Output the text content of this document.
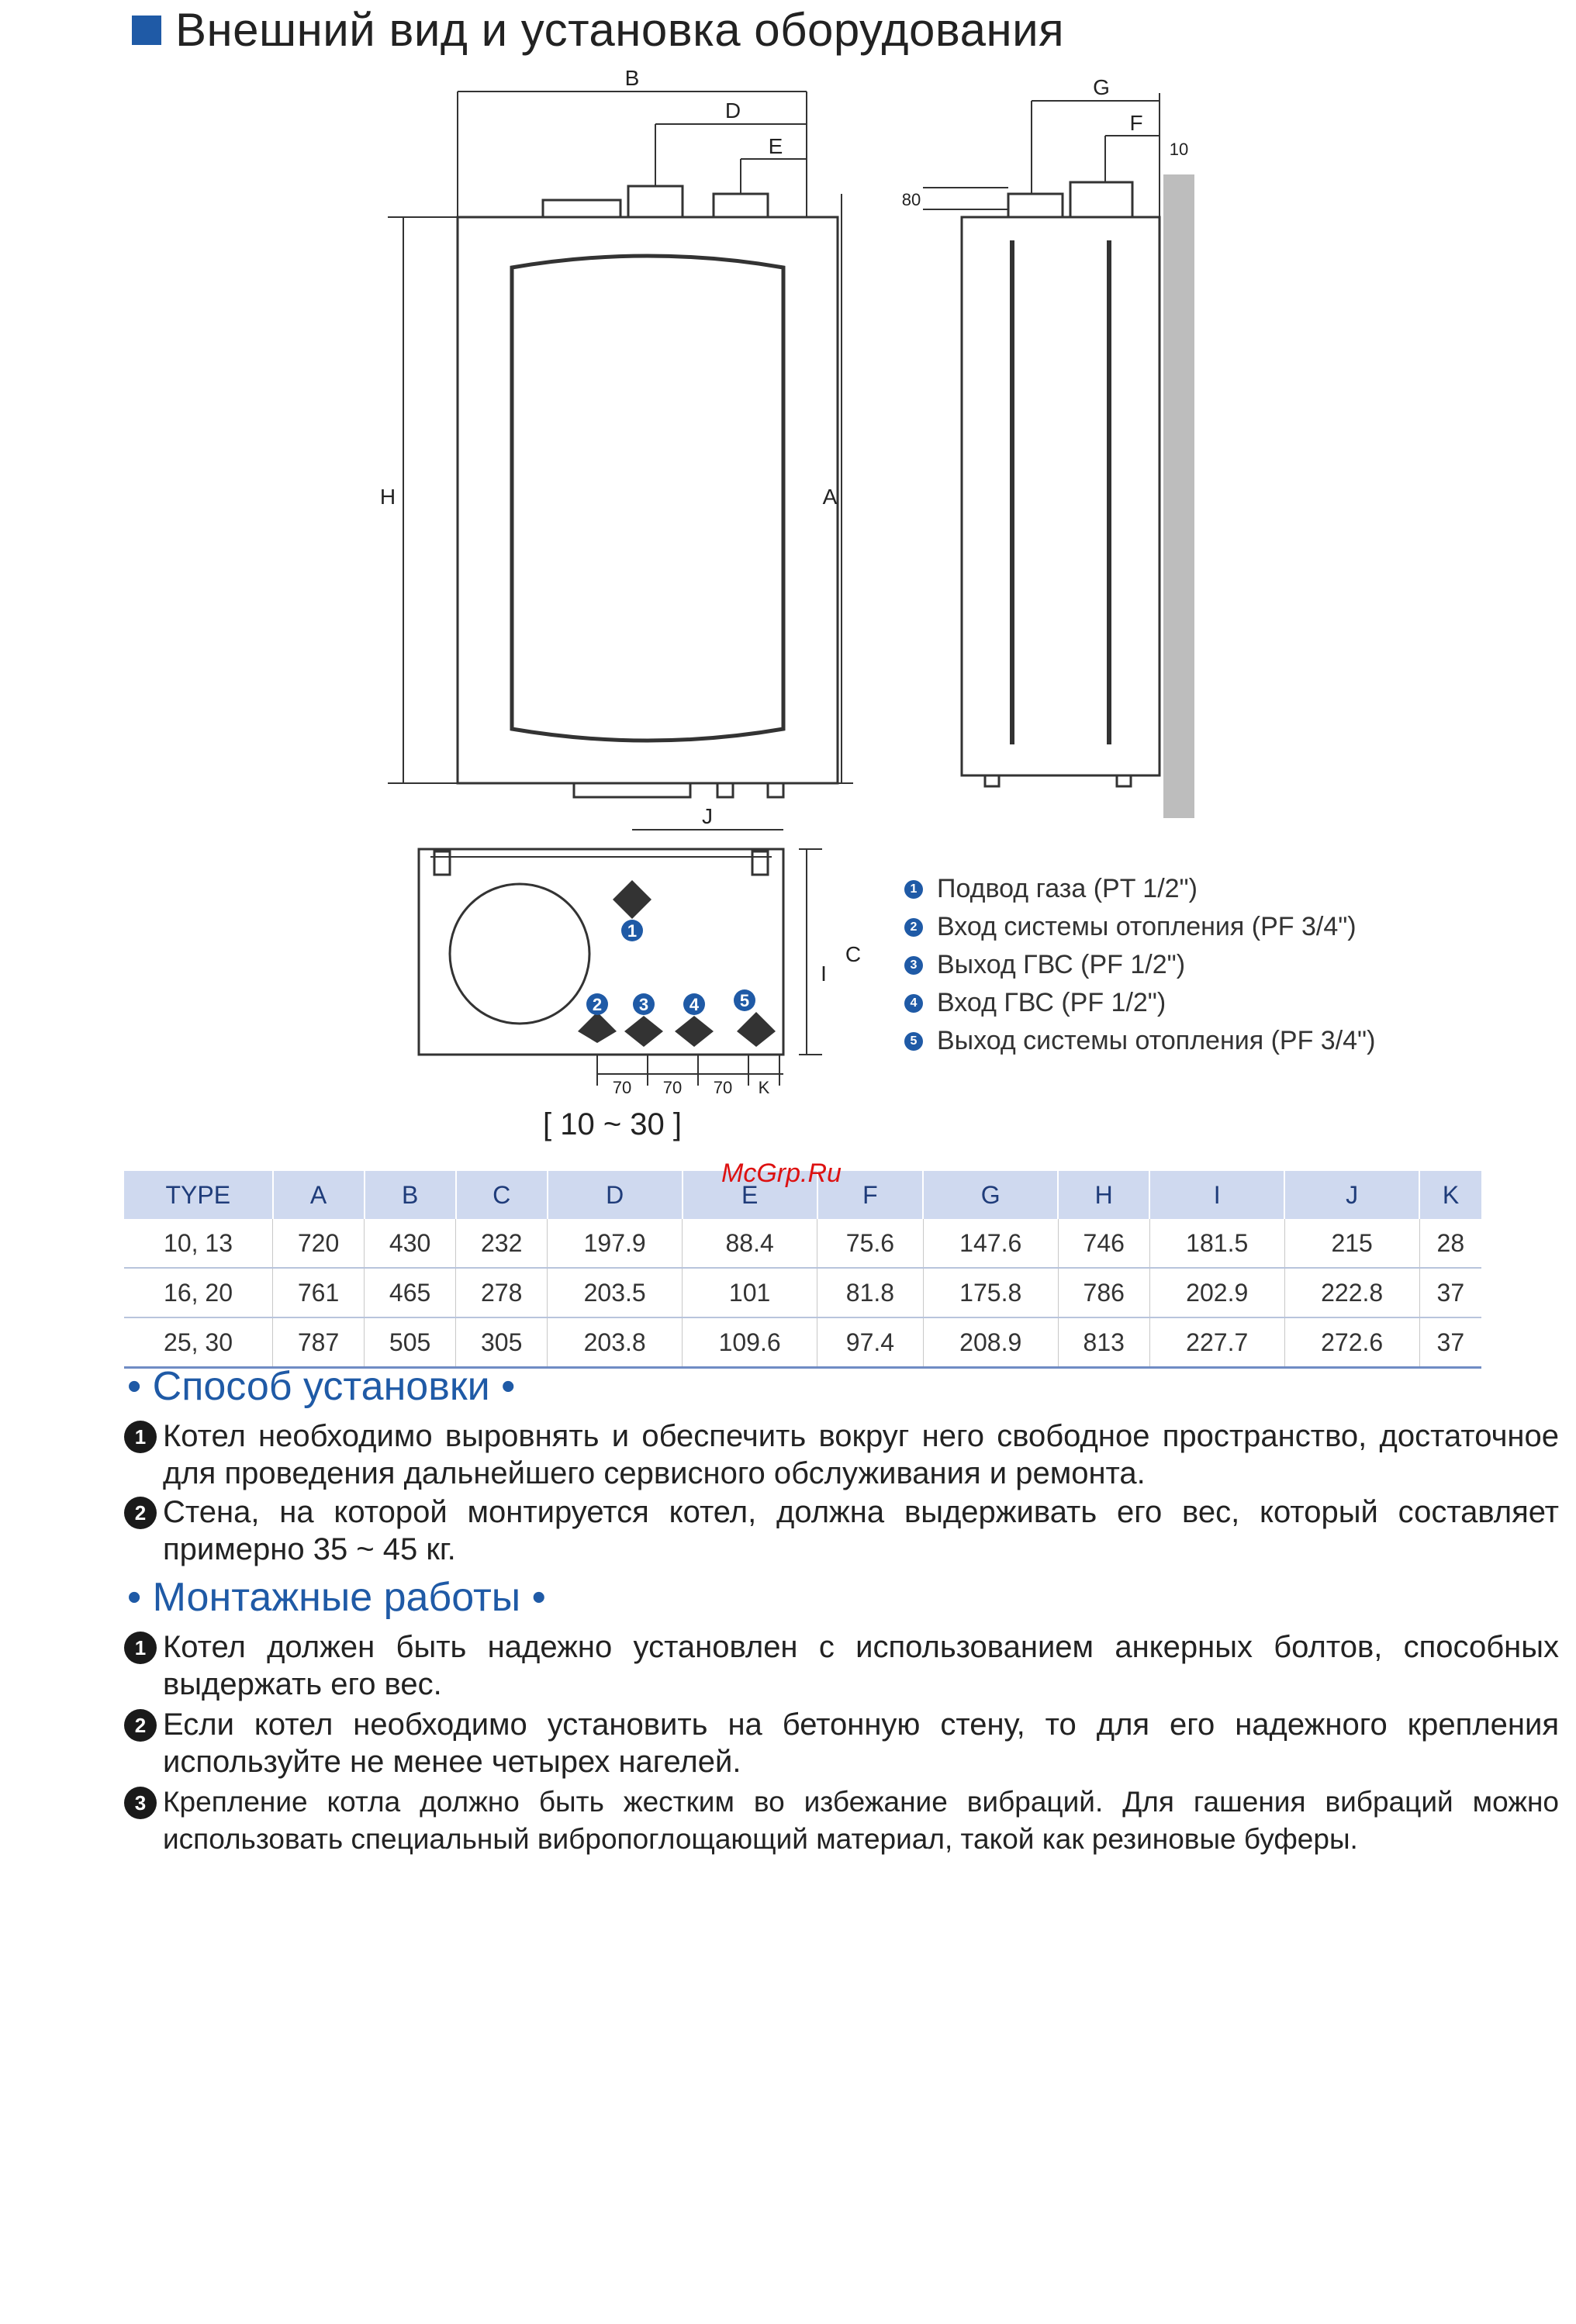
Внешний вид и установка оборудования
1
2 3 4 5
B
D
E
H	A
G
F
10
80
J
C
I
70 70 70 K
1 Подвод газа (PT 1/2")
2 Вход системы отопления (PF 3/4")
3 Выход ГВС (PF 1/2")
4 Вход ГВС (PF 1/2")
5 Выход системы отопления (PF 3/4")
[ 10 ~ 30 ]
TYPE	A	B	C	D	E	F	G	H	I	J	K
10, 13	720	430	232	197.9	88.4	75.6	147.6	746	181.5	215	28
16, 20	761	465	278	203.5	101	81.8	175.8	786	202.9	222.8	37
25, 30	787	505	305	203.8	109.6	97.4	208.9	813	227.7	272.6	37
McGrp.Ru
• Способ установки •
1 Котел необходимо выровнять и обеспечить вокруг него свободное пространство, достаточное для проведения дальнейшего сервисного обслуживания и ремонта.
2 Стена, на которой монтируется котел, должна выдерживать его вес, который составляет примерно 35 ~ 45 кг.
• Монтажные работы •
1 Котел должен быть надежно установлен с использованием анкерных болтов, способных выдержать его вес.
2 Если котел необходимо установить на бетонную стену, то для его надежного крепления используйте не менее четырех нагелей.
3 Крепление котла должно быть жестким во избежание вибраций. Для гашения вибраций можно использовать специальный вибропоглощающий материал, такой как резиновые буферы.
